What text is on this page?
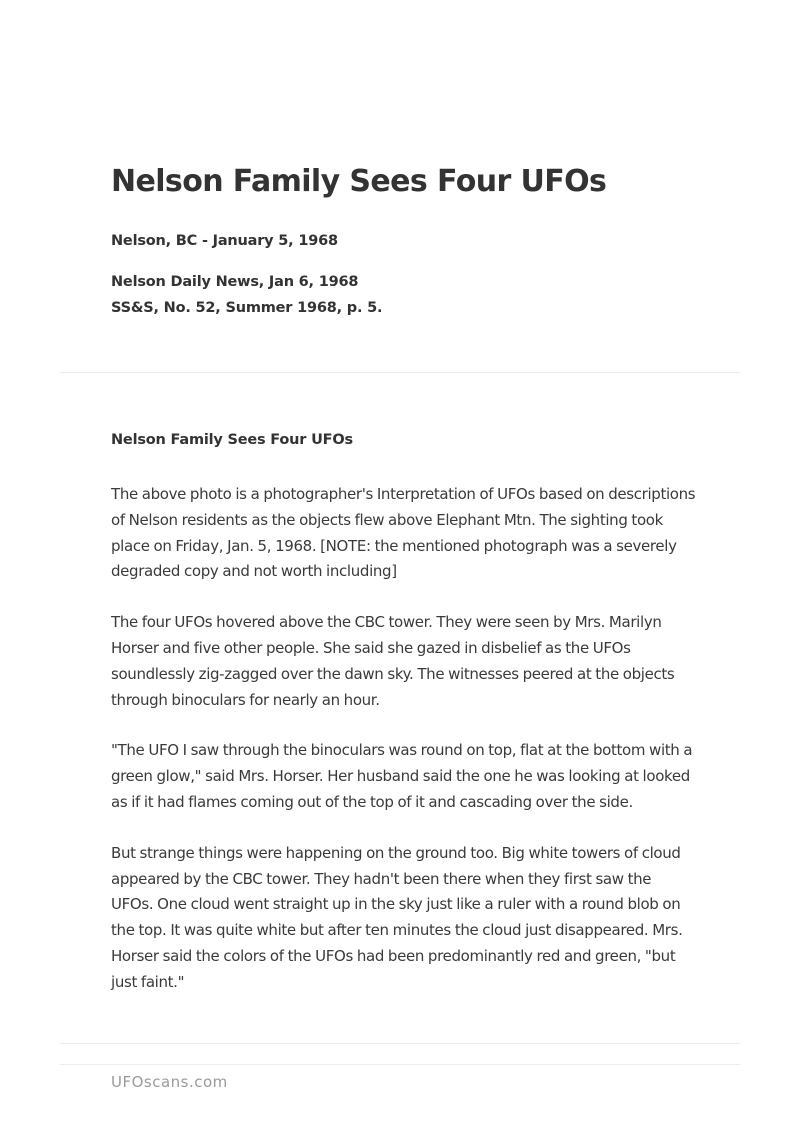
Nelson Family Sees Four UFOs

Nelson, BC - January 5, 1968

Nelson Daily News, Jan 6, 1968

SS&S, No. 52, Summer 1968, p. 5.

Nelson Family Sees Four UFOs

The above photo is a photographer's Interpretation of UFOs based on descriptions of Nelson residents as the objects flew above Elephant Mtn. The sighting took place on Friday, Jan. 5, 1968. [NOTE: the mentioned photograph was a severely degraded copy and not worth including]

The four UFOs hovered above the CBC tower. They were seen by Mrs. Marilyn Horser and five other people. She said she gazed in disbelief as the UFOs soundlessly zig-zagged over the dawn sky. The witnesses peered at the objects through binoculars for nearly an hour.

"The UFO I saw through the binoculars was round on top, flat at the bottom with a green glow," said Mrs. Horser. Her husband said the one he was looking at looked as if it had flames coming out of the top of it and cascading over the side.

But strange things were happening on the ground too. Big white towers of cloud appeared by the CBC tower. They hadn't been there when they first saw the UFOs. One cloud went straight up in the sky just like a ruler with a round blob on the top. It was quite white but after ten minutes the cloud just disappeared. Mrs. Horser said the colors of the UFOs had been predominantly red and green, "but just faint."

UFOscans.com
